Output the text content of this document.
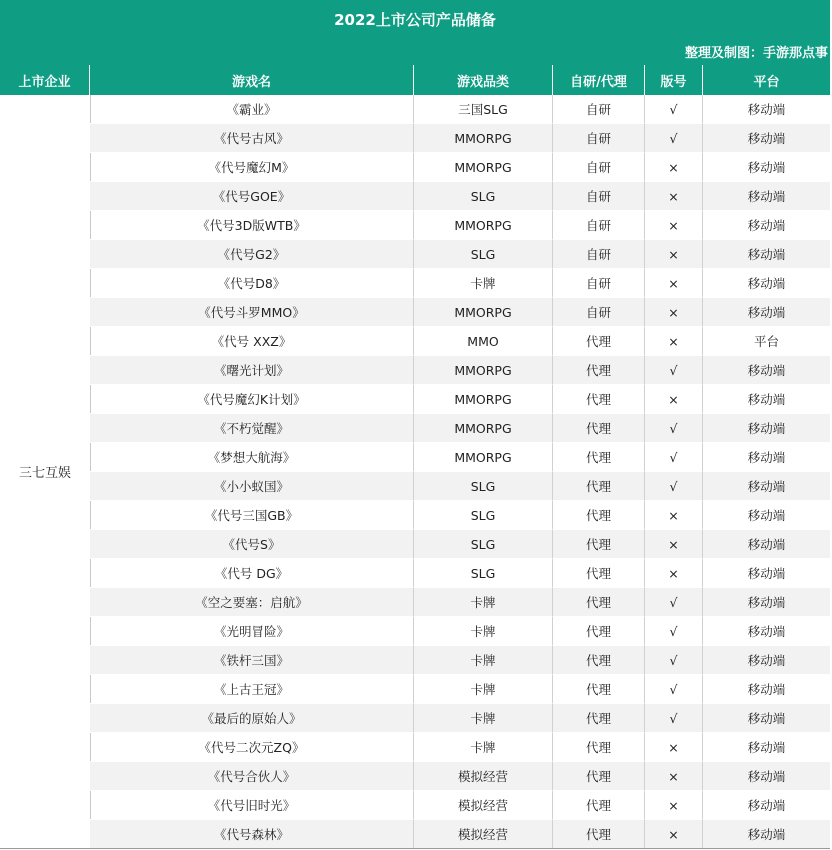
2022上市公司产品储备
整理及制图：手游那点事
上市企业	游戏名	游戏品类	自研/代理	版号	平台
三七互娱
《霸业》	三国SLG	自研	√	移动端
《代号古风》	MMORPG	自研	√	移动端
《代号魔幻M》	MMORPG	自研	×	移动端
《代号GOE》	SLG	自研	×	移动端
《代号3D版WTB》	MMORPG	自研	×	移动端
《代号G2》	SLG	自研	×	移动端
《代号D8》	卡牌	自研	×	移动端
《代号斗罗MMO》	MMORPG	自研	×	移动端
《代号 XXZ》	MMO	代理	×	平台
《曙光计划》	MMORPG	代理	√	移动端
《代号魔幻K计划》	MMORPG	代理	×	移动端
《不朽觉醒》	MMORPG	代理	√	移动端
《梦想大航海》	MMORPG	代理	√	移动端
《小小蚁国》	SLG	代理	√	移动端
《代号三国GB》	SLG	代理	×	移动端
《代号S》	SLG	代理	×	移动端
《代号 DG》	SLG	代理	×	移动端
《空之要塞：启航》	卡牌	代理	√	移动端
《光明冒险》	卡牌	代理	√	移动端
《铁杆三国》	卡牌	代理	√	移动端
《上古王冠》	卡牌	代理	√	移动端
《最后的原始人》	卡牌	代理	√	移动端
《代号二次元ZQ》	卡牌	代理	×	移动端
《代号合伙人》	模拟经营	代理	×	移动端
《代号旧时光》	模拟经营	代理	×	移动端
《代号森林》	模拟经营	代理	×	移动端
